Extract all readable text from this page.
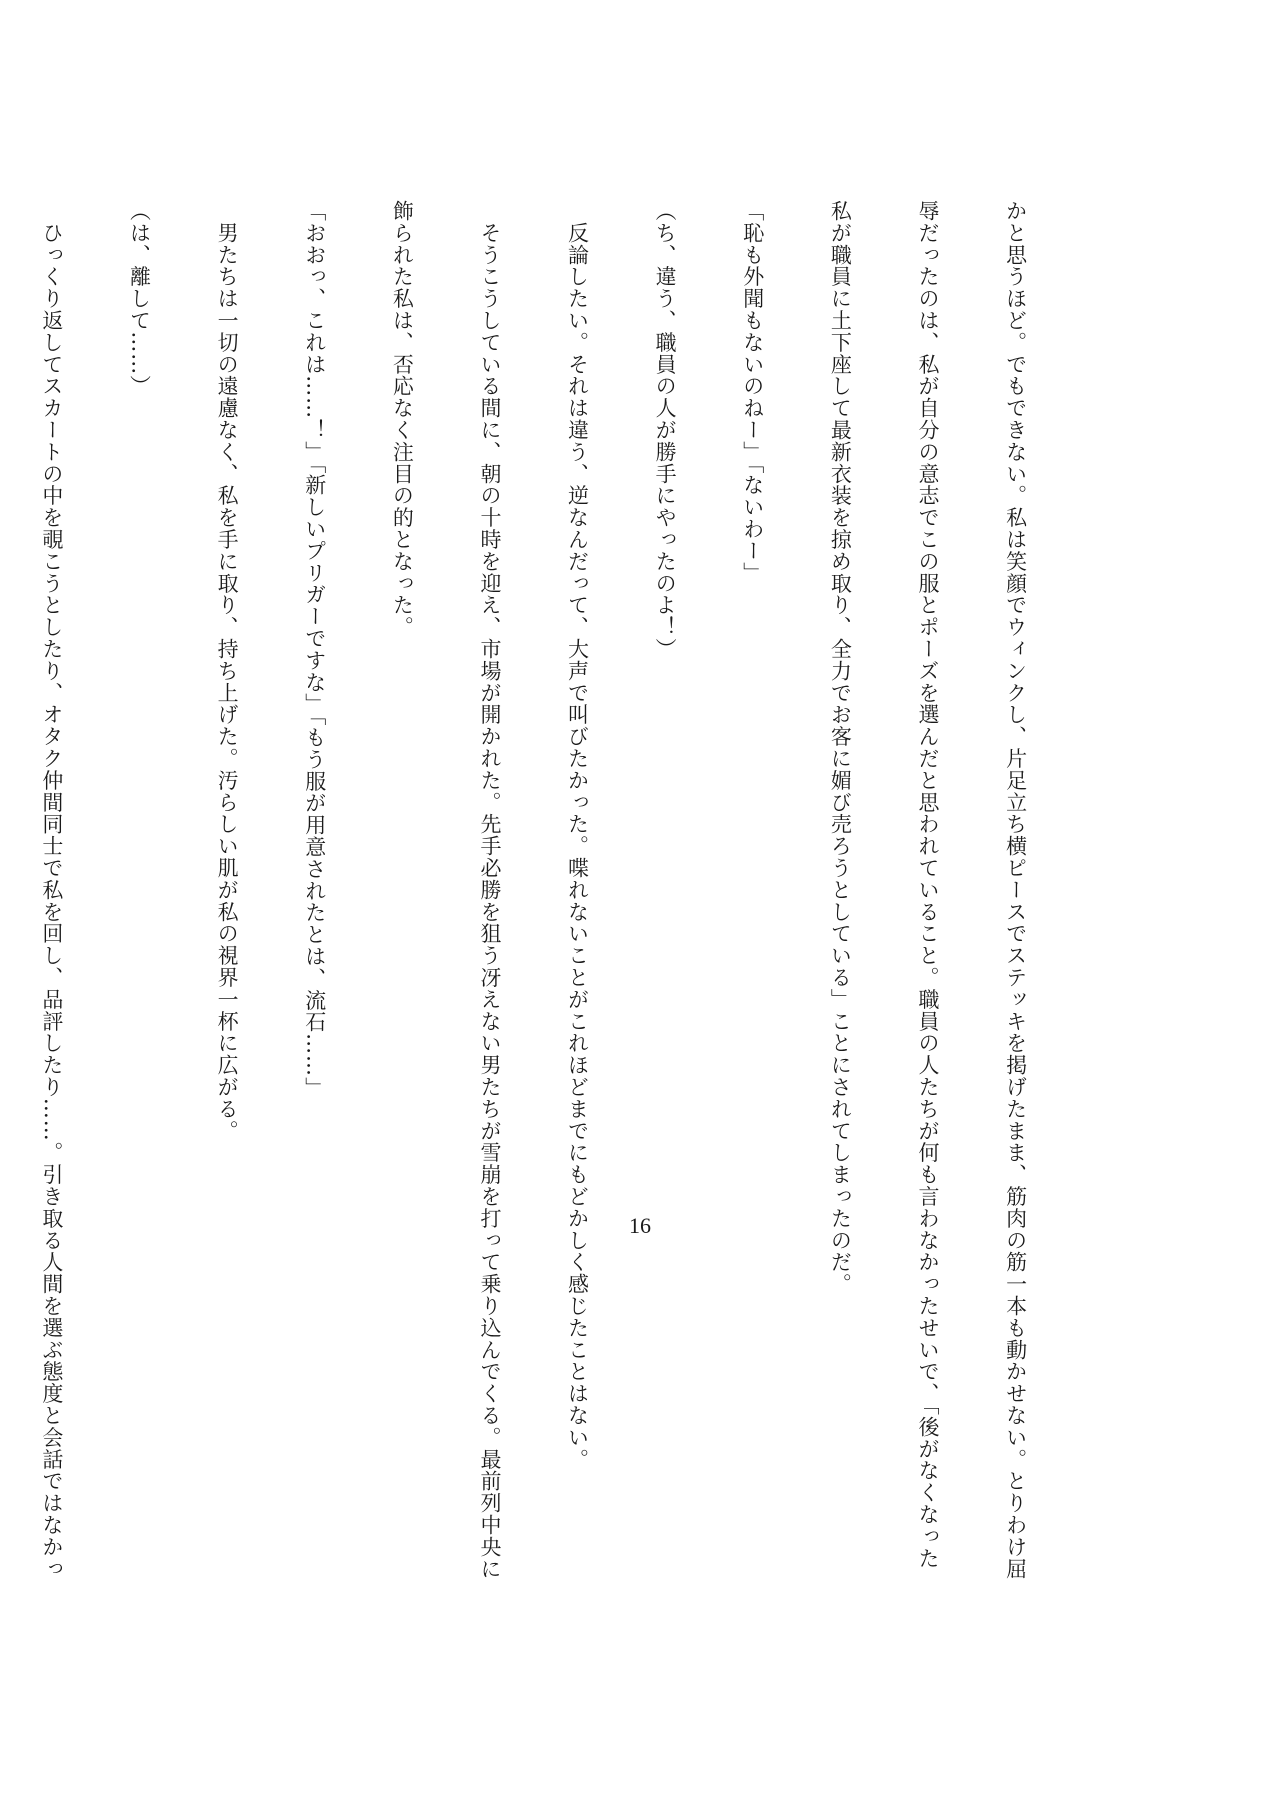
かと思うほど。でもできない。私は笑顔でウィンクし、片足立ち横ピースでステッキを掲げたまま、筋肉の筋一本も動かせない。とりわけ屈

辱だったのは、私が自分の意志でこの服とポーズを選んだと思われていること。職員の人たちが何も言わなかったせいで、「後がなくなった

私が職員に土下座して最新衣装を掠め取り、全力でお客に媚び売ろうとしている」ことにされてしまったのだ。

「恥も外聞もないのねー」「ないわー」

（ち、違う、職員の人が勝手にやったのよ！）

　反論したい。それは違う、逆なんだって、大声で叫びたかった。喋れないことがこれほどまでにもどかしく感じたことはない。

　そうこうしている間に、朝の十時を迎え、市場が開かれた。先手必勝を狙う冴えない男たちが雪崩を打って乗り込んでくる。最前列中央に

飾られた私は、否応なく注目の的となった。

「おおっ、これは……！」「新しいプリガーですな」「もう服が用意されたとは、流石……」

　男たちは一切の遠慮なく、私を手に取り、持ち上げた。汚らしい肌が私の視界一杯に広がる。

（は、離して……）

　ひっくり返してスカートの中を覗こうとしたり、オタク仲間同士で私を回し、品評したり……。引き取る人間を選ぶ態度と会話ではなかっ

	16
